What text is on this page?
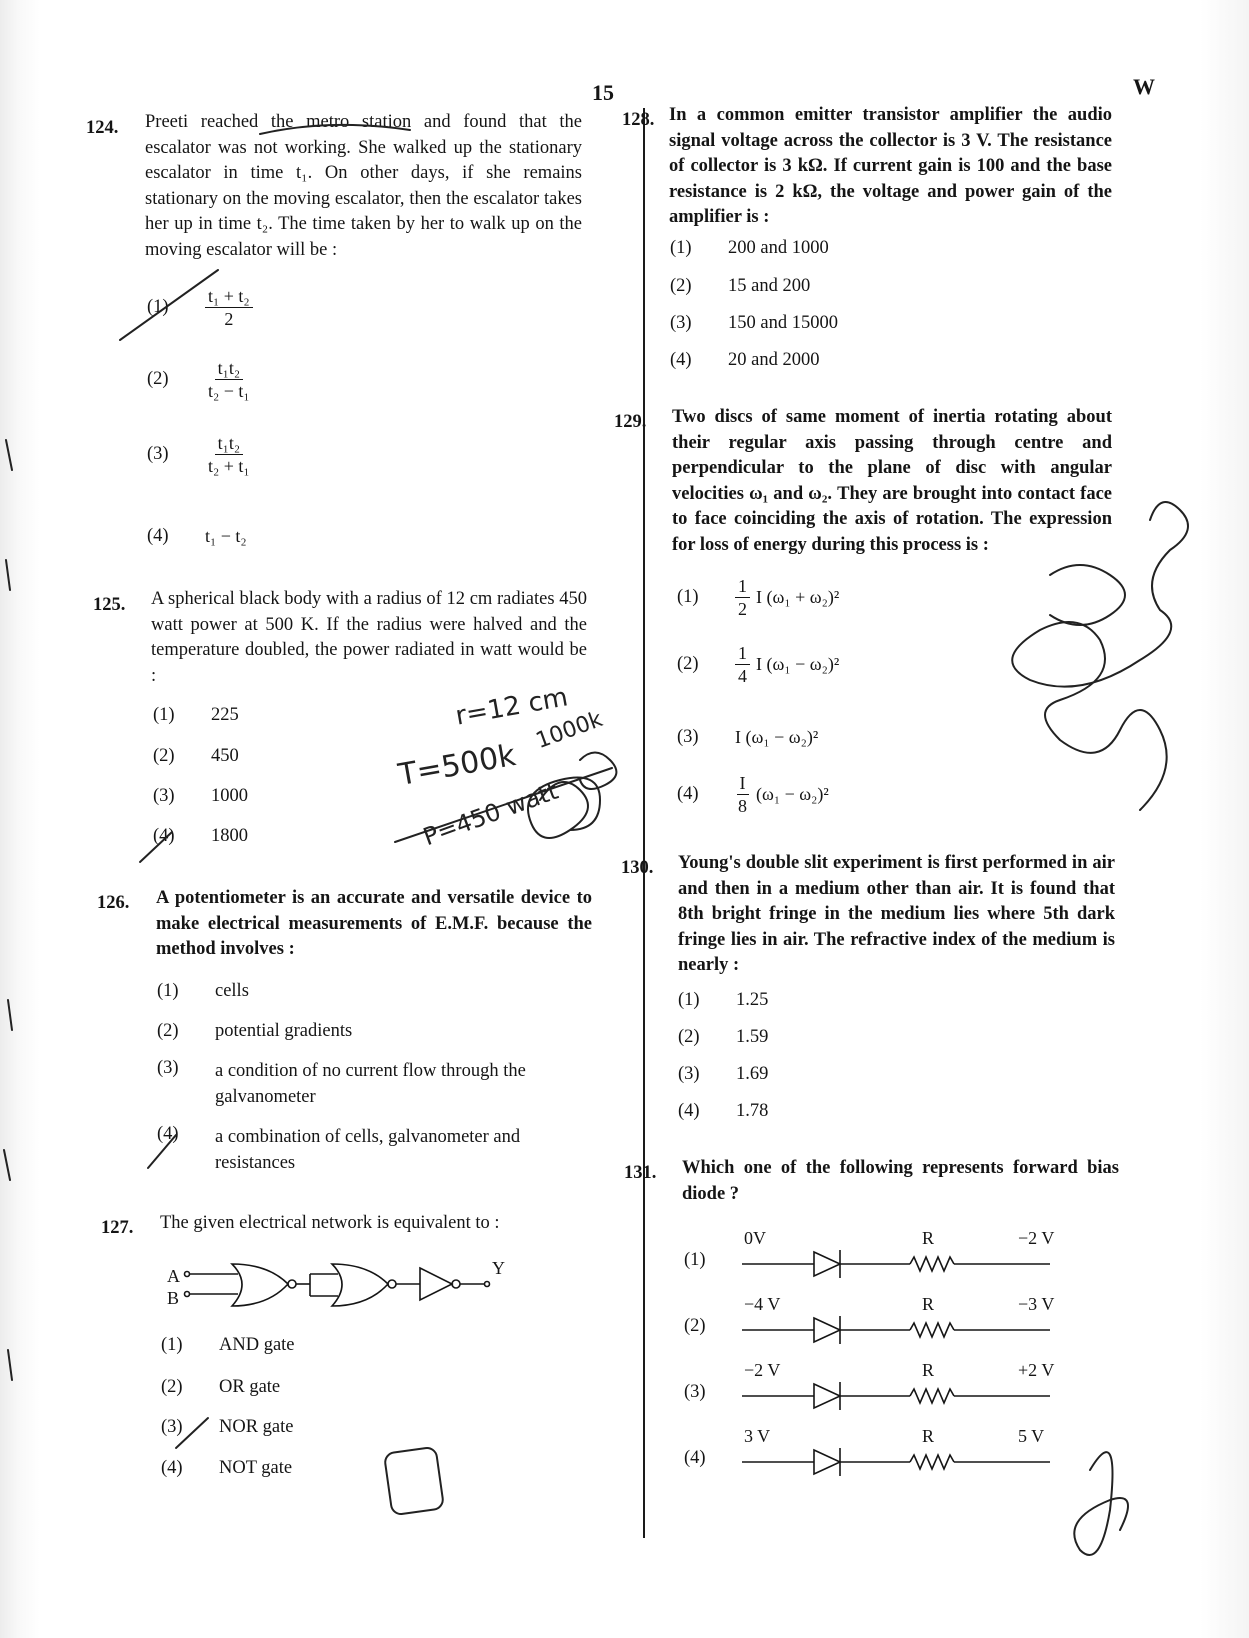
15	W
124. Preeti reached the metro station and found that the escalator was not working. She walked up the stationary escalator in time t₁. On other days, if she remains stationary on the moving escalator, then the escalator takes her up in time t₂. The time taken by her to walk up on the moving escalator will be :
(1)	$\frac{\text{t₁ + t₂}}{2}$
(2)	$\frac{\text{t₁t₂}}{\text{t₂ − t₁}}$
(3)	$\frac{\text{t₁t₂}}{\text{t₂ + t₁}}$
(4)	t₁ − t₂
125. A spherical black body with a radius of 12 cm radiates 450 watt power at 500 K. If the radius were halved and the temperature doubled, the power radiated in watt would be :
(1)	225
(2)	450
(3)	1000
(4)	1800
126. A potentiometer is an accurate and versatile device to make electrical measurements of E.M.F. because the method involves :
(1)	cells
(2)	potential gradients
(3)	a condition of no current flow through the galvanometer
(4)	a combination of cells, galvanometer and resistances
127. The given electrical network is equivalent to :
A
B
Y
(1)	AND gate
(2)	OR gate
(3)	NOR gate
(4)	NOT gate
128. In a common emitter transistor amplifier the audio signal voltage across the collector is 3 V. The resistance of collector is 3 kΩ. If current gain is 100 and the base resistance is 2 kΩ, the voltage and power gain of the amplifier is :
(1)	200 and 1000
(2)	15 and 200
(3)	150 and 15000
(4)	20 and 2000
129. Two discs of same moment of inertia rotating about their regular axis passing through centre and perpendicular to the plane of disc with angular velocities ω₁ and ω₂. They are brought into contact face to face coinciding the axis of rotation. The expression for loss of energy during this process is :
(1)	$\frac{1}{2}$ I (ω₁ + ω₂)²
(2)	$\frac{1}{4}$ I (ω₁ − ω₂)²
(3)	I (ω₁ − ω₂)²
(4)	$\frac{I}{8} (\omega_1 - \omega_2)^2$
130. Young's double slit experiment is first performed in air and then in a medium other than air. It is found that 8th bright fringe in the medium lies where 5th dark fringe lies in air. The refractive index of the medium is nearly :
(1)	1.25
(2)	1.59
(3)	1.69
(4)	1.78
131. Which one of the following represents forward bias diode ?
(1)
0V	R	−2 V
(2)
−4 V	R	−3 V
(3)
−2 V	R	+2 V
(4)
3 V	R	5 V
r=12 cm
T=500k
1000k
P=450 watt
